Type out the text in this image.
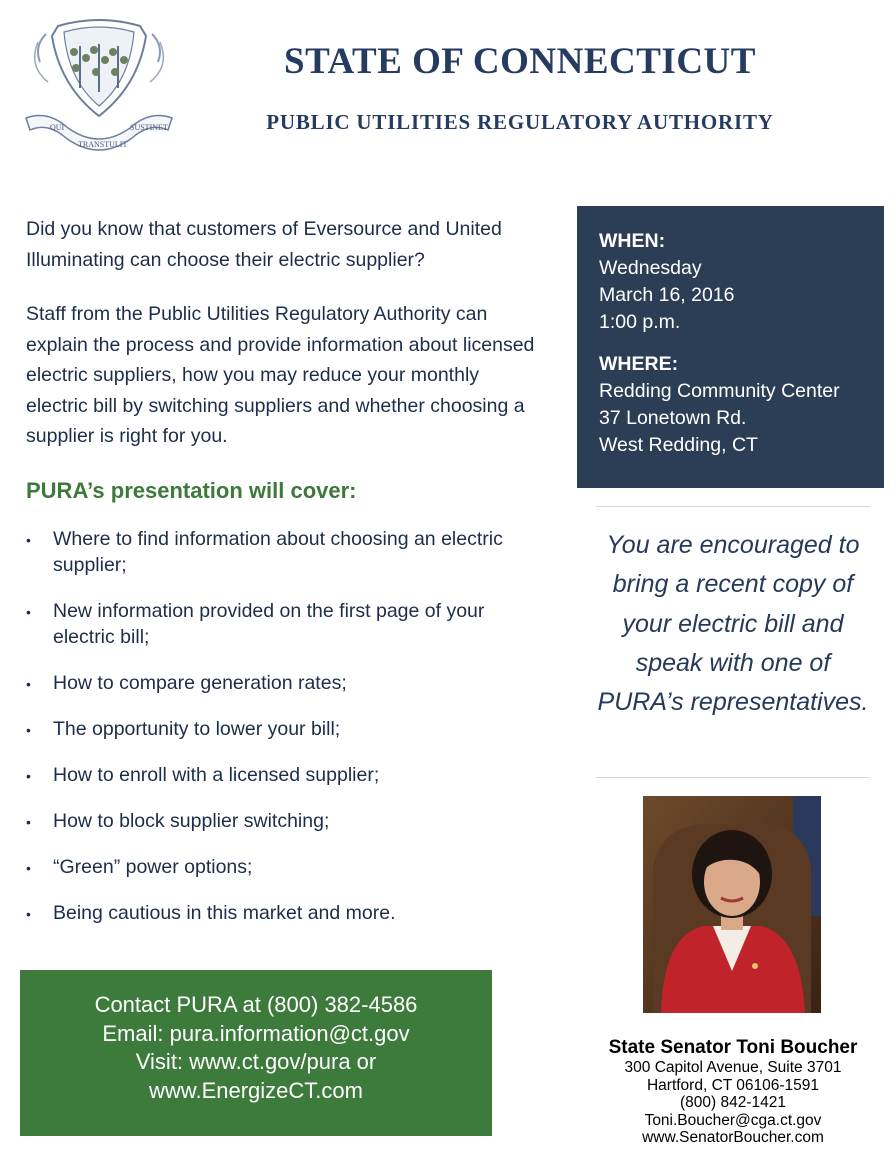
QUI
TRANSTULIT
SUSTINET
STATE OF CONNECTICUT
PUBLIC UTILITIES REGULATORY AUTHORITY
Did you know that customers of Eversource and United Illuminating can choose their electric supplier?
Staff from the Public Utilities Regulatory Authority can explain the process and provide information about licensed electric suppliers, how you may reduce your monthly electric bill by switching suppliers and whether choosing a supplier is right for you.
PURA’s presentation will cover:
• Where to find information about choosing an electric supplier;
• New information provided on the first page of your electric bill;
• How to compare generation rates;
• The opportunity to lower your bill;
• How to enroll with a licensed supplier;
• How to block supplier switching;
• “Green” power options;
• Being cautious in this market and more.
Contact PURA at (800) 382-4586
Email: pura.information@ct.gov
Visit: www.ct.gov/pura or
www.EnergizeCT.com
WHEN:
Wednesday
March 16, 2016
1:00 p.m.
WHERE:
Redding Community Center
37 Lonetown Rd.
West Redding, CT
You are encouraged to bring a recent copy of your electric bill and speak with one of PURA’s representatives.
State Senator Toni Boucher
300 Capitol Avenue, Suite 3701
Hartford, CT 06106-1591
(800) 842-1421
Toni.Boucher@cga.ct.gov
www.SenatorBoucher.com
